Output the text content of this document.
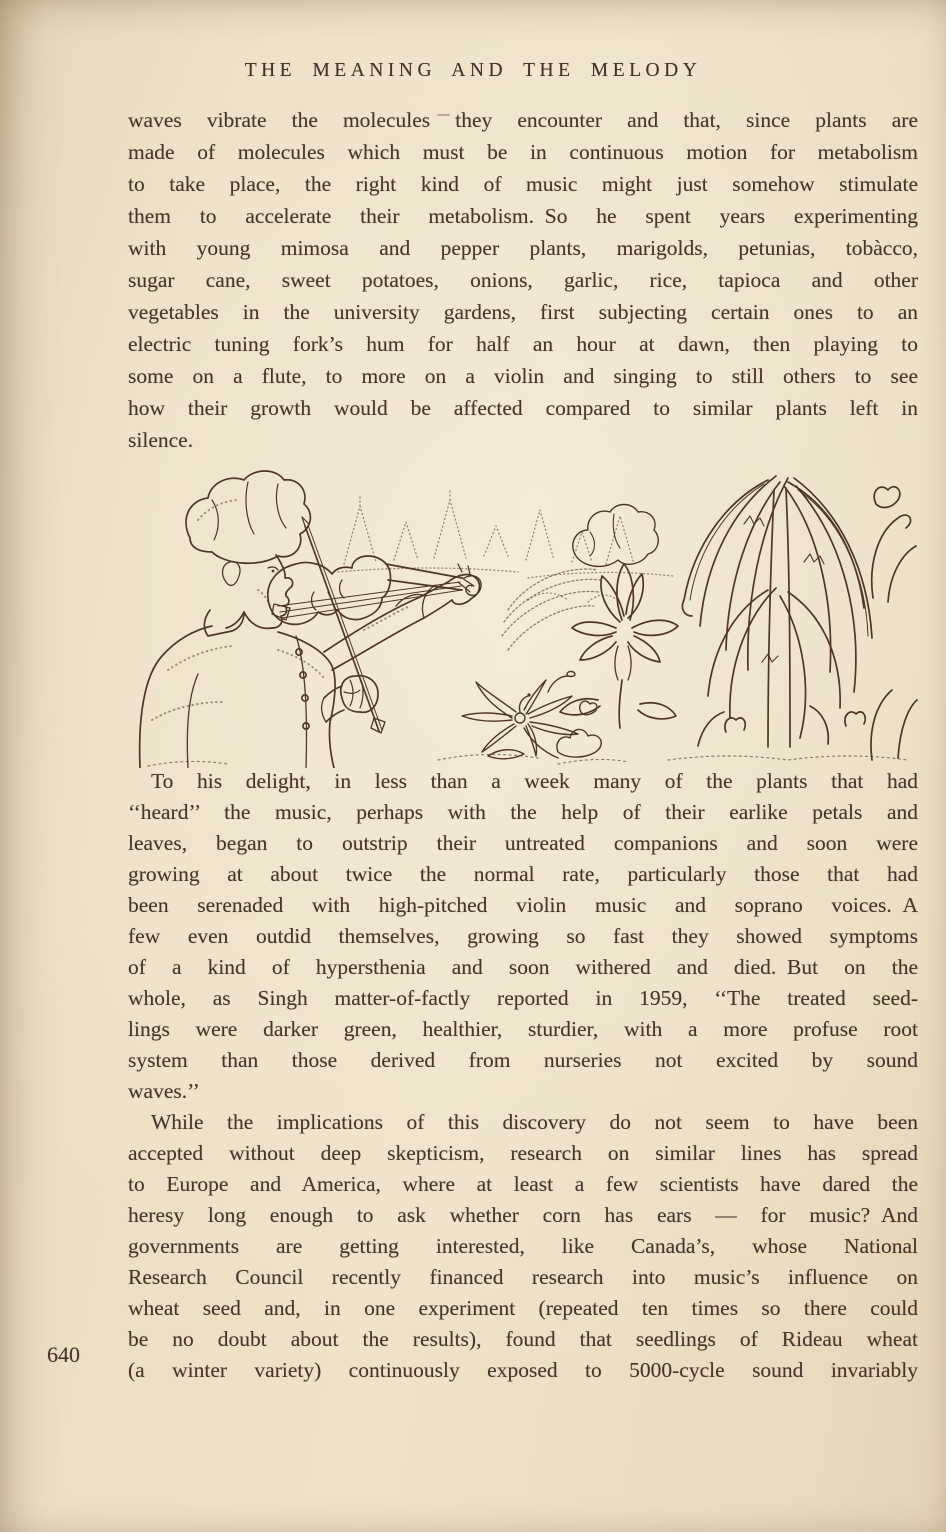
THE MEANING AND THE MELODY
waves vibrate the molecules they encounter and that, since plants are
made of molecules which must be in continuous motion for metabolism
to take place, the right kind of music might just somehow stimulate
them to accelerate their metabolism. So he spent years experimenting
with young mimosa and pepper plants, marigolds, petunias, tobàcco,
sugar cane, sweet potatoes, onions, garlic, rice, tapioca and other
vegetables in the university gardens, first subjecting certain ones to an
electric tuning fork’s hum for half an hour at dawn, then playing to
some on a flute, to more on a violin and singing to still others to see
how their growth would be affected compared to similar plants left in
silence.
To his delight, in less than a week many of the plants that had
‘‘heard’’ the music, perhaps with the help of their earlike petals and
leaves, began to outstrip their untreated companions and soon were
growing at about twice the normal rate, particularly those that had
been serenaded with high-pitched violin music and soprano voices. A
few even outdid themselves, growing so fast they showed symptoms
of a kind of hypersthenia and soon withered and died. But on the
whole, as Singh matter-of-factly reported in 1959, ‘‘The treated seed-
lings were darker green, healthier, sturdier, with a more profuse root
system than those derived from nurseries not excited by sound
waves.’’
While the implications of this discovery do not seem to have been
accepted without deep skepticism, research on similar lines has spread
to Europe and America, where at least a few scientists have dared the
heresy long enough to ask whether corn has ears — for music? And
governments are getting interested, like Canada’s, whose National
Research Council recently financed research into music’s influence on
wheat seed and, in one experiment (repeated ten times so there could
be no doubt about the results), found that seedlings of Rideau wheat
(a winter variety) continuously exposed to 5000-cycle sound invariably
640
